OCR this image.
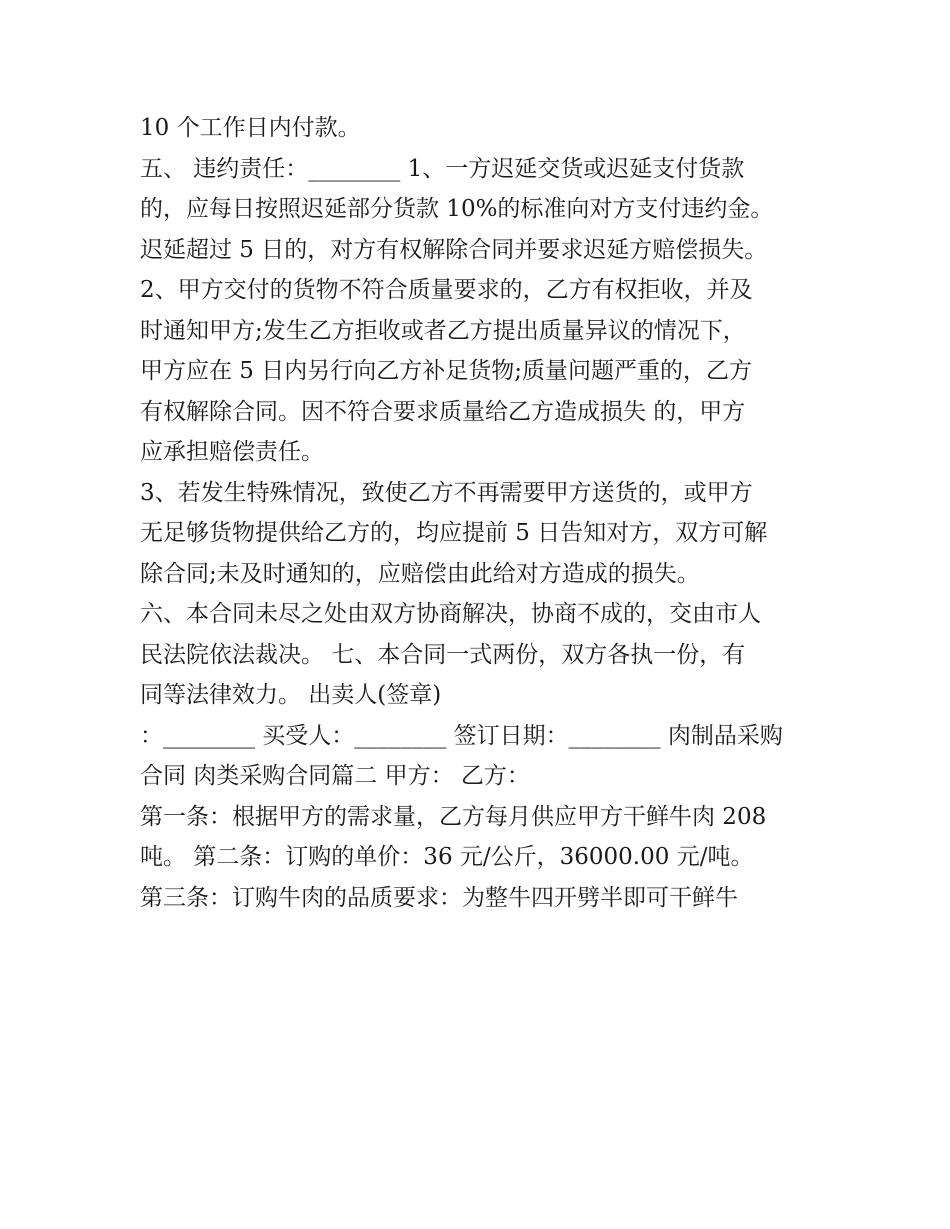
10 个工作日内付款。
五、 违约责任：________ 1、一方迟延交货或迟延支付货款
的，应每日按照迟延部分货款 10%的标准向对方支付违约金。
迟延超过 5 日的，对方有权解除合同并要求迟延方赔偿损失。
2、甲方交付的货物不符合质量要求的，乙方有权拒收，并及
时通知甲方;发生乙方拒收或者乙方提出质量异议的情况下，
甲方应在 5 日内另行向乙方补足货物;质量问题严重的，乙方
有权解除合同。因不符合要求质量给乙方造成损失 的，甲方
应承担赔偿责任。
3、若发生特殊情况，致使乙方不再需要甲方送货的，或甲方
无足够货物提供给乙方的，均应提前 5 日告知对方，双方可解
除合同;未及时通知的，应赔偿由此给对方造成的损失。
六、本合同未尽之处由双方协商解决，协商不成的，交由市人
民法院依法裁决。 七、本合同一式两份，双方各执一份，有
同等法律效力。 出卖人(签章)
：________ 买受人：________ 签订日期：________ 肉制品采购
合同 肉类采购合同篇二 甲方： 乙方：
第一条：根据甲方的需求量，乙方每月供应甲方干鲜牛肉 208
吨。 第二条：订购的单价：36 元/公斤，36000.00 元/吨。
第三条：订购牛肉的品质要求：为整牛四开劈半即可干鲜牛
